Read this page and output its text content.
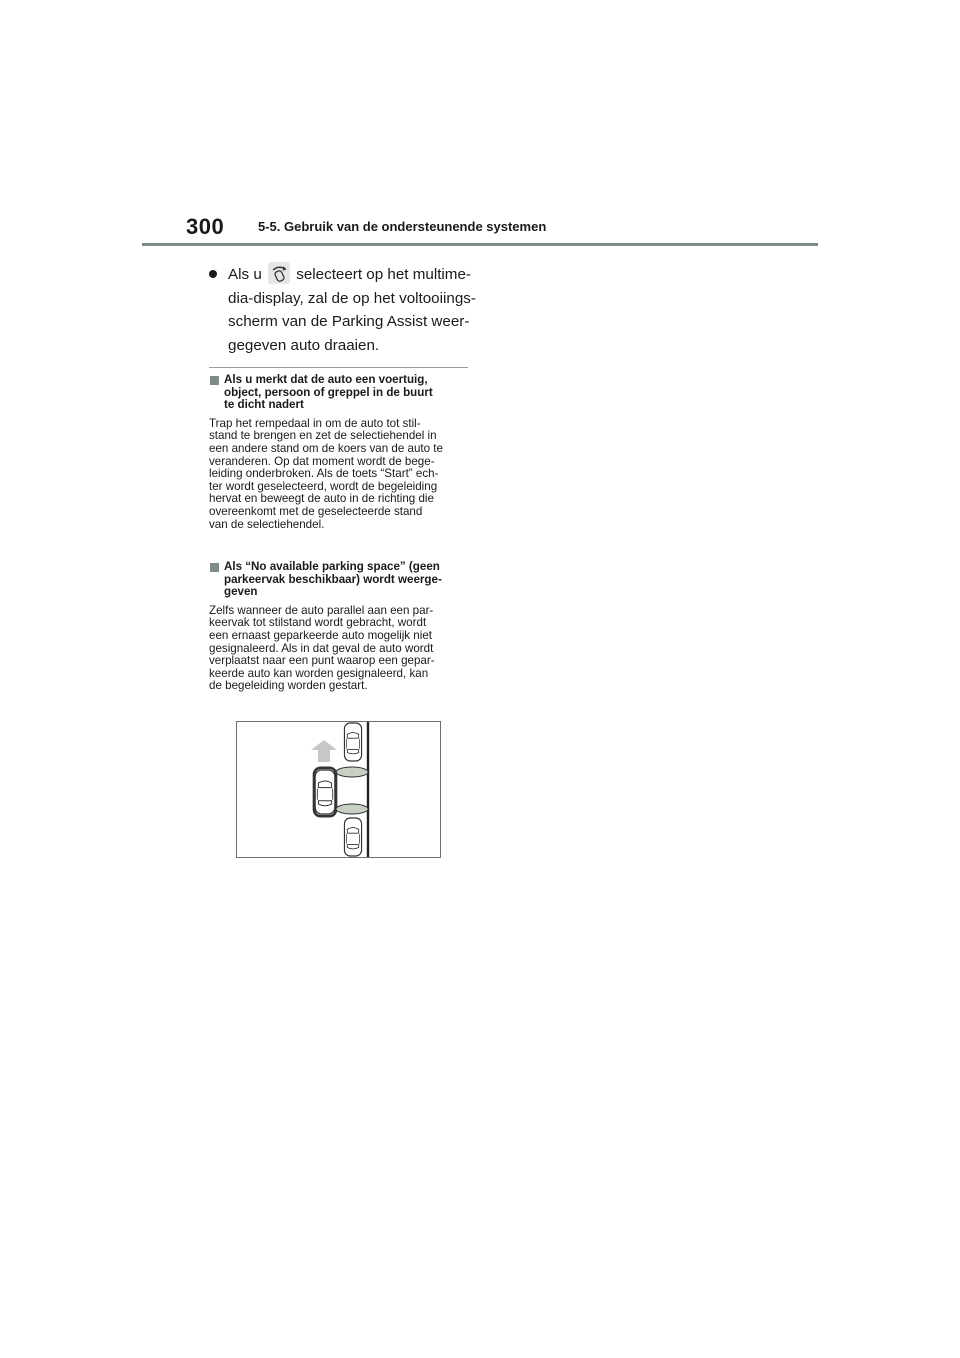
300	5-5. Gebruik van de ondersteunende systemen
Als u selecteert op het multime-
dia-display, zal de op het voltooiings-
scherm van de Parking Assist weer-
gegeven auto draaien.
Als u merkt dat de auto een voertuig,
object, persoon of greppel in de buurt
te dicht nadert
Trap het rempedaal in om de auto tot stil-
stand te brengen en zet de selectiehendel in
een andere stand om de koers van de auto te
veranderen. Op dat moment wordt de bege-
leiding onderbroken. Als de toets “Start” ech-
ter wordt geselecteerd, wordt de begeleiding
hervat en beweegt de auto in de richting die
overeenkomt met de geselecteerde stand
van de selectiehendel.
Als “No available parking space” (geen
parkeervak beschikbaar) wordt weerge-
geven
Zelfs wanneer de auto parallel aan een par-
keervak tot stilstand wordt gebracht, wordt
een ernaast geparkeerde auto mogelijk niet
gesignaleerd. Als in dat geval de auto wordt
verplaatst naar een punt waarop een gepar-
keerde auto kan worden gesignaleerd, kan
de begeleiding worden gestart.
